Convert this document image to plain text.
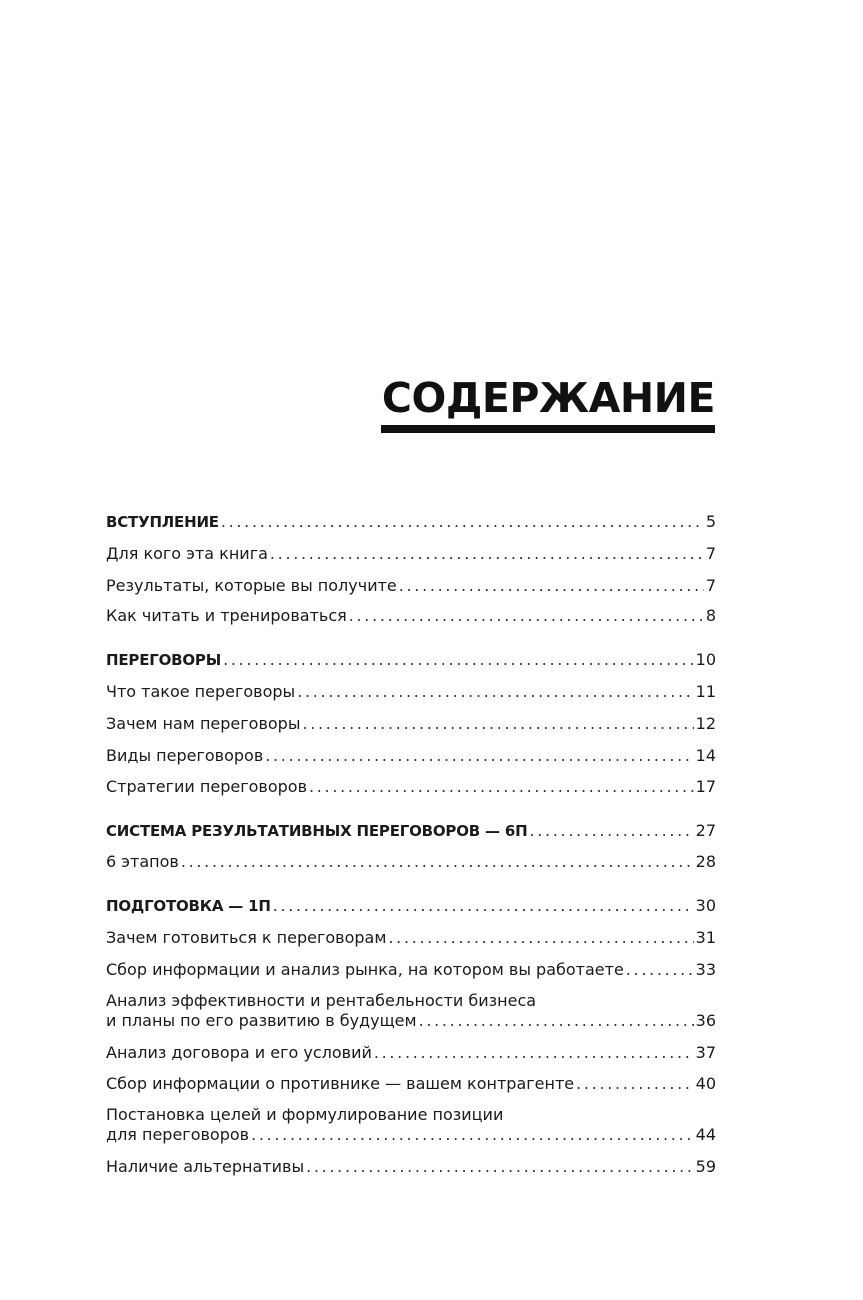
СОДЕРЖАНИЕ
ВСТУПЛЕНИЕ . . .	5
Для кого эта книга . . .	7
Результаты, которые вы получите . . .	7
Как читать и тренироваться . . .	8
ПЕРЕГОВОРЫ . . .	10
Что такое переговоры . . .	11
Зачем нам переговоры . . .	12
Виды переговоров . . .	14
Стратегии переговоров . . .	17
СИСТЕМА РЕЗУЛЬТАТИВНЫХ ПЕРЕГОВОРОВ — 6П . . .	27
6 этапов . . .	28
ПОДГОТОВКА — 1П . . .	30
Зачем готовиться к переговорам . . .	31
Сбор информации и анализ рынка, на котором вы работаете . . .	33
Анализ эффективности и рентабельности бизнеса
и планы по его развитию в будущем . . .	36
Анализ договора и его условий . . .	37
Сбор информации о противнике — вашем контрагенте . . .	40
Постановка целей и формулирование позиции
для переговоров . . .	44
Наличие альтернативы . . .	59
